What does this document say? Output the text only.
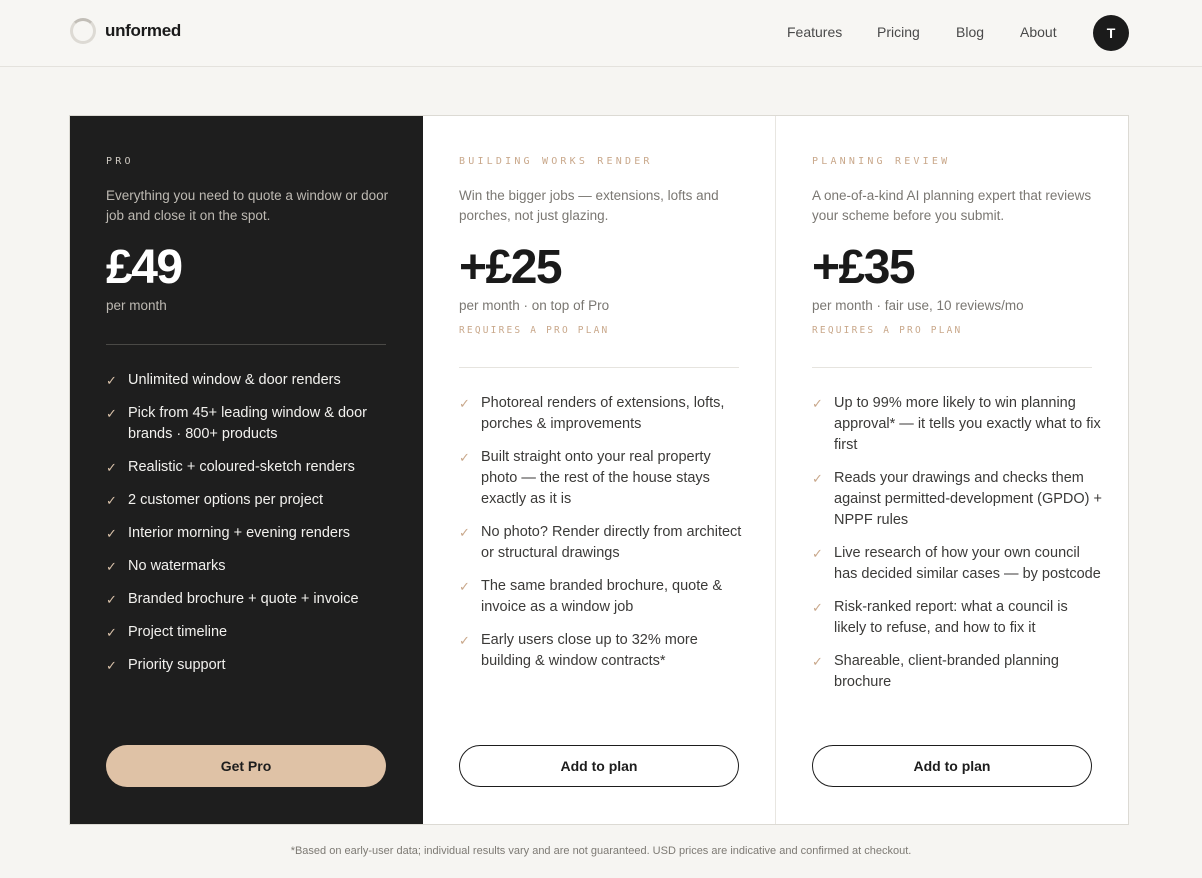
unformed	Features Pricing	Blog	About	T
PRO
Everything you need to quote a window or door job and close it on the spot.
£49
per month
✓ Unlimited window & door renders
✓ Pick from 45+ leading window & door brands · 800+ products
✓ Realistic + coloured-sketch renders
✓ 2 customer options per project
✓ Interior morning + evening renders
✓ No watermarks
✓ Branded brochure + quote + invoice
✓ Project timeline
✓ Priority support
Get Pro
BUILDING WORKS RENDER
Win the bigger jobs — extensions, lofts and porches, not just glazing.
+£25
per month · on top of Pro
REQUIRES A PRO PLAN
✓ Photoreal renders of extensions, lofts, porches & improvements
✓ Built straight onto your real property photo — the rest of the house stays exactly as it is
✓ No photo? Render directly from architect or structural drawings
✓ The same branded brochure, quote & invoice as a window job
✓ Early users close up to 32% more building & window contracts*
Add to plan
PLANNING REVIEW
A one-of-a-kind AI planning expert that reviews your scheme before you submit.
+£35
per month · fair use, 10 reviews/mo
REQUIRES A PRO PLAN
✓ Up to 99% more likely to win planning approval* — it tells you exactly what to fix first
✓ Reads your drawings and checks them against permitted-development (GPDO) + NPPF rules
✓ Live research of how your own council has decided similar cases — by postcode
✓ Risk-ranked report: what a council is likely to refuse, and how to fix it
✓ Shareable, client-branded planning brochure
Add to plan
*Based on early-user data; individual results vary and are not guaranteed. USD prices are indicative and confirmed at checkout.
